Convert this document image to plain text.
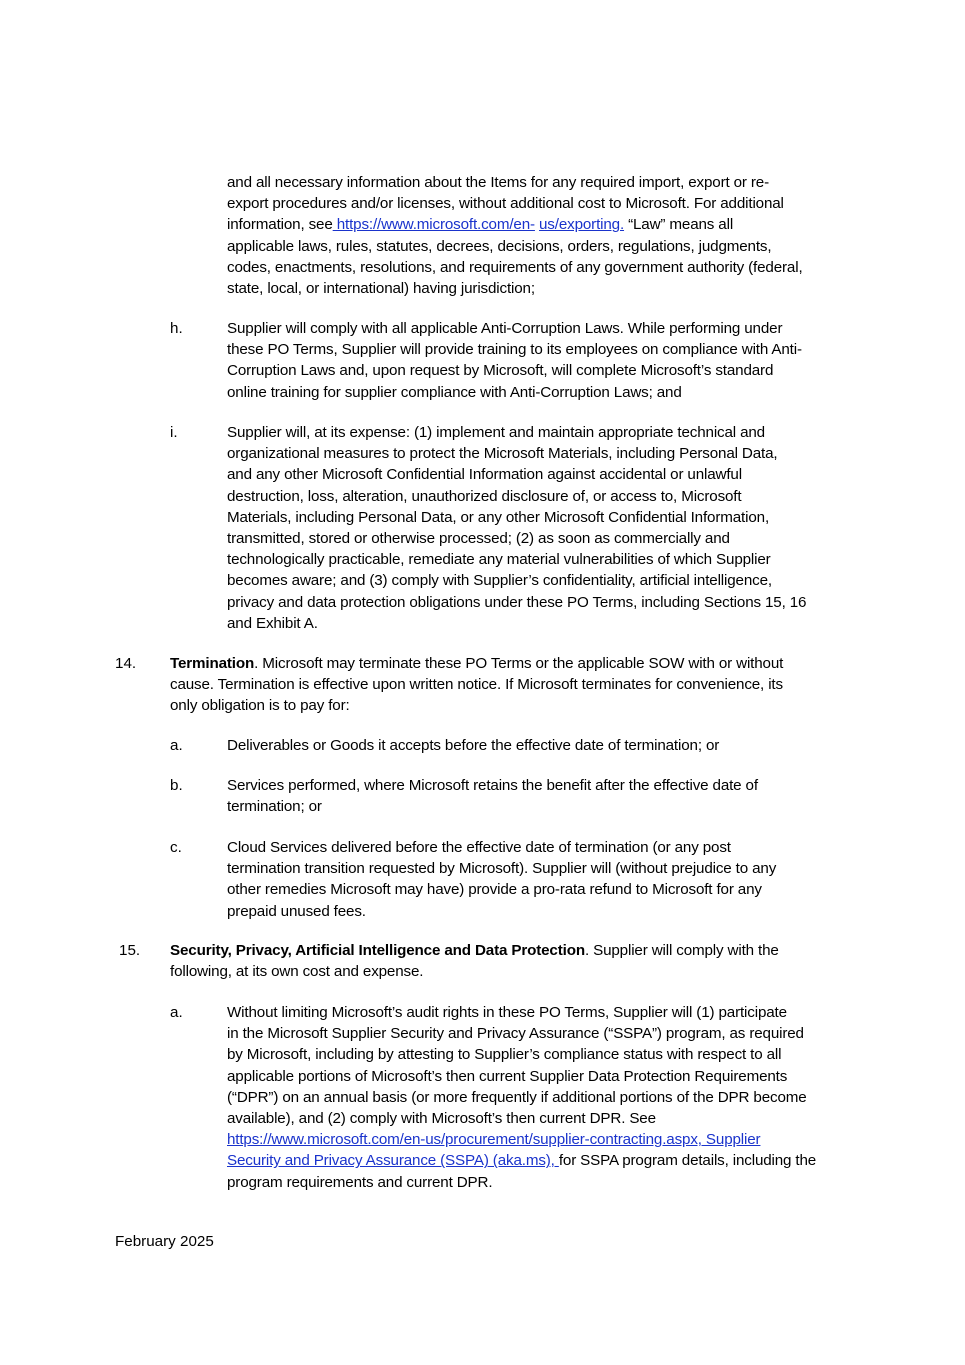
and all necessary information about the Items for any required import, export or re-
export procedures and/or licenses, without additional cost to Microsoft. For additional
information, see https://www.microsoft.com/en- us/exporting. “Law” means all
applicable laws, rules, statutes, decrees, decisions, orders, regulations, judgments,
codes, enactments, resolutions, and requirements of any government authority (federal,
state, local, or international) having jurisdiction;
h.	Supplier will comply with all applicable Anti-Corruption Laws. While performing under
these PO Terms, Supplier will provide training to its employees on compliance with Anti-
Corruption Laws and, upon request by Microsoft, will complete Microsoft’s standard
online training for supplier compliance with Anti-Corruption Laws; and
i.	Supplier will, at its expense: (1) implement and maintain appropriate technical and
organizational measures to protect the Microsoft Materials, including Personal Data,
and any other Microsoft Confidential Information against accidental or unlawful
destruction, loss, alteration, unauthorized disclosure of, or access to, Microsoft
Materials, including Personal Data, or any other Microsoft Confidential Information,
transmitted, stored or otherwise processed; (2) as soon as commercially and
technologically practicable, remediate any material vulnerabilities of which Supplier
becomes aware; and (3) comply with Supplier’s confidentiality, artificial intelligence,
privacy and data protection obligations under these PO Terms, including Sections 15, 16
and Exhibit A.
14. Termination. Microsoft may terminate these PO Terms or the applicable SOW with or without
cause. Termination is effective upon written notice. If Microsoft terminates for convenience, its
only obligation is to pay for:
a.	Deliverables or Goods it accepts before the effective date of termination; or
b.	Services performed, where Microsoft retains the benefit after the effective date of
termination; or
c.	Cloud Services delivered before the effective date of termination (or any post
termination transition requested by Microsoft). Supplier will (without prejudice to any
other remedies Microsoft may have) provide a pro-rata refund to Microsoft for any
prepaid unused fees.
15. Security, Privacy, Artificial Intelligence and Data Protection. Supplier will comply with the
following, at its own cost and expense.
a.	Without limiting Microsoft’s audit rights in these PO Terms, Supplier will (1) participate
in the Microsoft Supplier Security and Privacy Assurance (“SSPA”) program, as required
by Microsoft, including by attesting to Supplier’s compliance status with respect to all
applicable portions of Microsoft’s then current Supplier Data Protection Requirements
(“DPR”) on an annual basis (or more frequently if additional portions of the DPR become
available), and (2) comply with Microsoft’s then current DPR. See
https://www.microsoft.com/en-us/procurement/supplier-contracting.aspx, Supplier
Security and Privacy Assurance (SSPA) (aka.ms), for SSPA program details, including the
program requirements and current DPR.
February 2025
